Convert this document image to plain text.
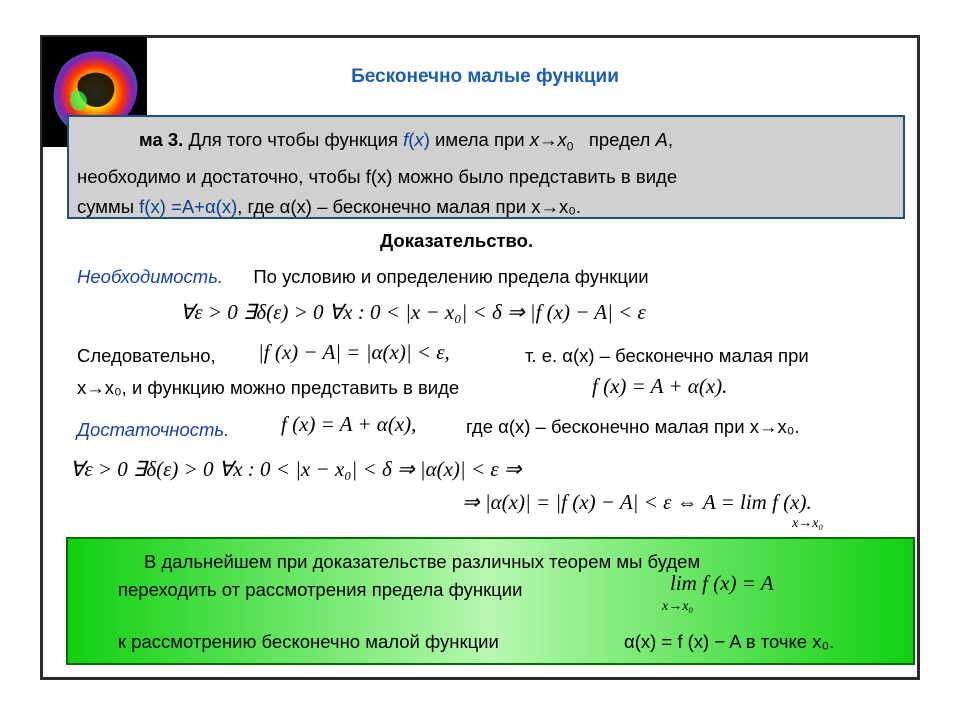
Бесконечно малые функции
ма 3. Для того чтобы функция f(x) имела при $x\to x_0$   предел A,
необходимо и достаточно, чтобы f(x) можно было представить в виде
суммы f(x) =A+α(x), где α(x) – бесконечно малая при x→x₀.
Доказательство.
Необходимость. По условию и определению предела функции
∀ε > 0 ∃δ(ε) > 0 ∀x : 0 < |x − x₀| < δ ⇒ |f (x) − A| < ε
Следовательно, |f (x) − A| = |α(x)| < ε,	т. е. α(x) – бесконечно малая при
x→x₀, и функцию можно представить в виде	f (x) = A + α(x).
Достаточность. f (x) = A + α(x),	где α(x) – бесконечно малая при x→x₀.
∀ε > 0 ∃δ(ε) > 0 ∀x : 0 < |x − x₀| < δ ⇒ |α(x)| < ε ⇒
⇒ |α(x)| = |f (x) − A| < ε ⇔ A = lim f (x).
x→x₀
В дальнейшем при доказательстве различных теорем мы будем
переходить от рассмотрения предела функции	lim f (x) = A
x→x₀
к рассмотрению бесконечно малой функции	α(x) = f (x) − A в точке x₀.
